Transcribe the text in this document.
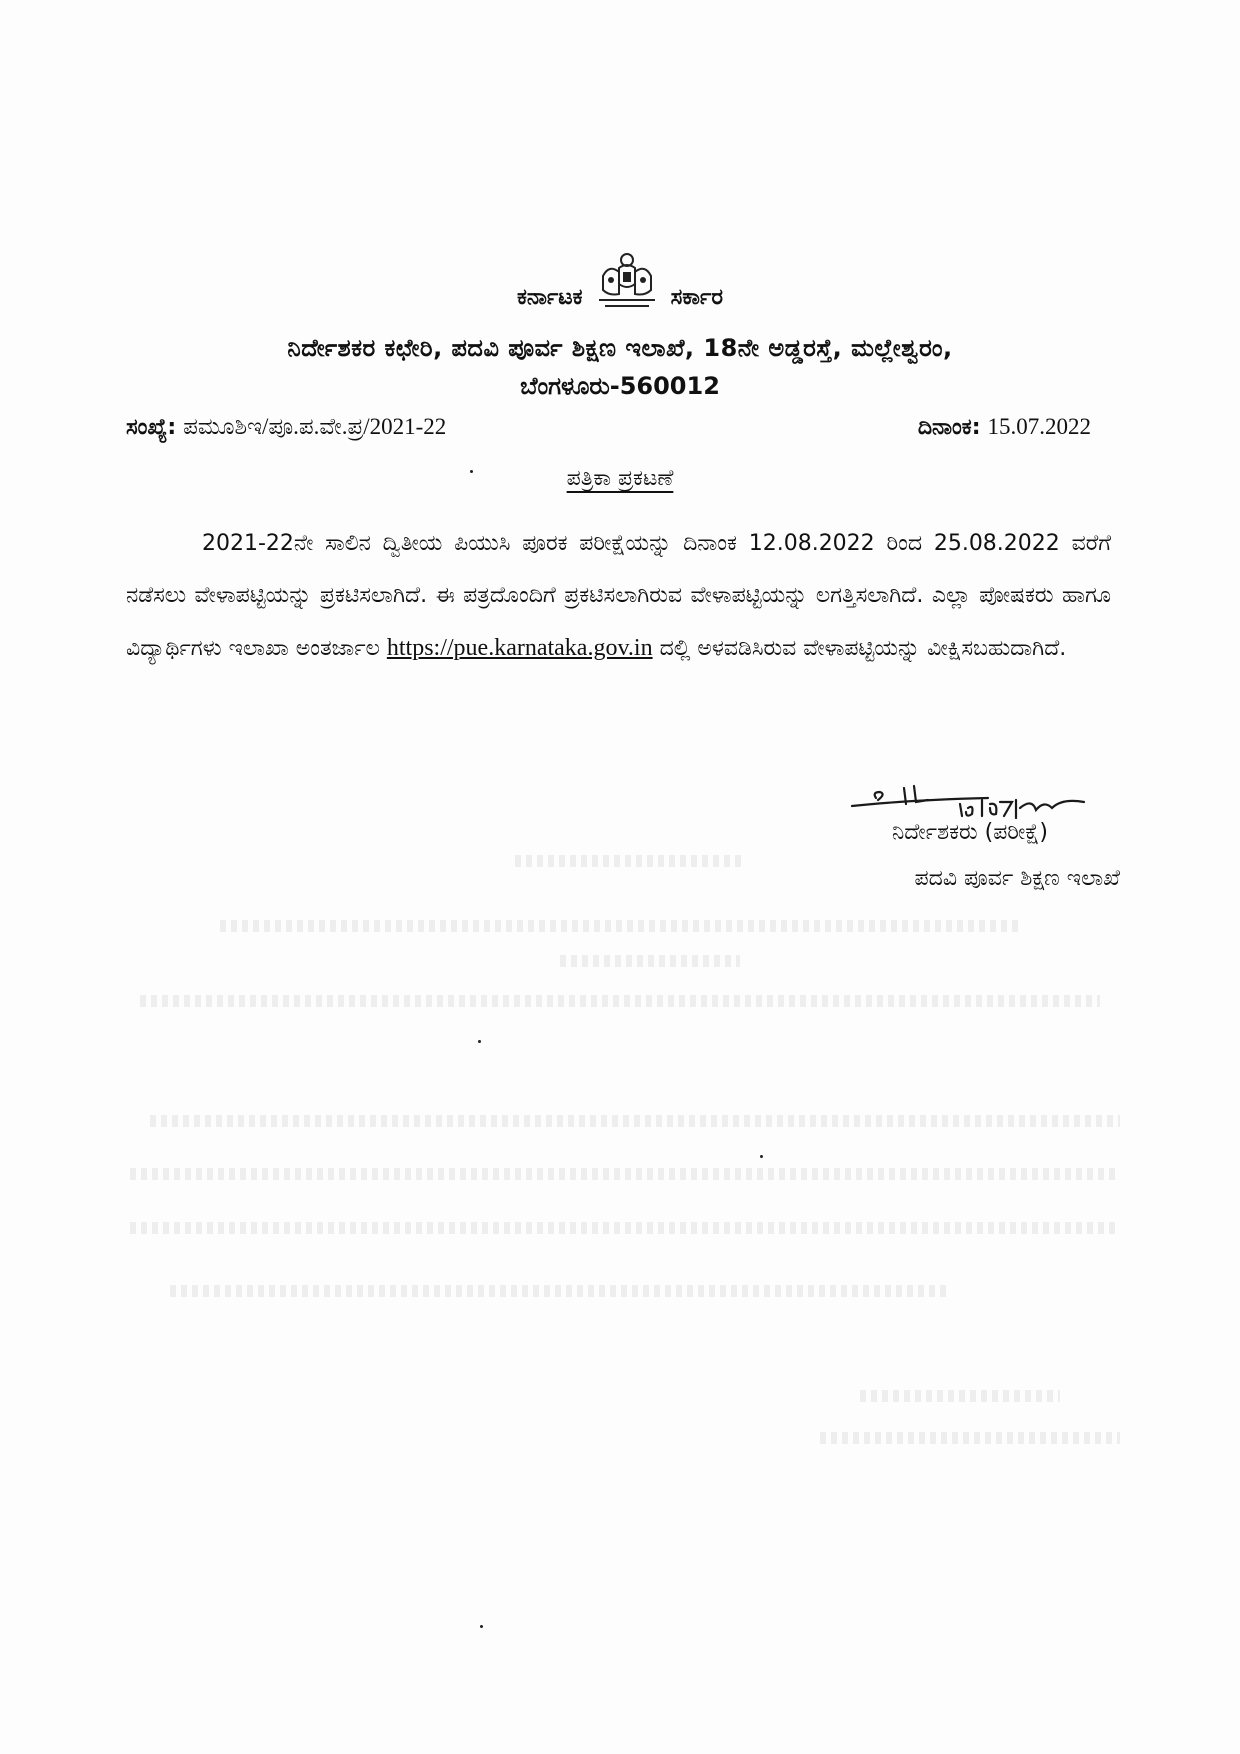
ಕರ್ನಾಟಕ	ಸರ್ಕಾರ
ನಿರ್ದೇಶಕರ ಕಛೇರಿ, ಪದವಿ ಪೂರ್ವ ಶಿಕ್ಷಣ ಇಲಾಖೆ, 18ನೇ ಅಡ್ಡರಸ್ತೆ, ಮಲ್ಲೇಶ್ವರಂ,
ಬೆಂಗಳೂರು-560012
ಸಂಖ್ಯೆ: ಪಮೂಶಿಇ/ಪೂ.ಪ.ವೇ.ಪ್ರ/2021-22	ದಿನಾಂಕ: 15.07.2022
ಪತ್ರಿಕಾ ಪ್ರಕಟಣೆ
2021-22ನೇ ಸಾಲಿನ ದ್ವಿತೀಯ ಪಿಯುಸಿ ಪೂರಕ ಪರೀಕ್ಷೆಯನ್ನು ದಿನಾಂಕ 12.08.2022 ರಿಂದ 25.08.2022 ವರೆಗೆ ನಡೆಸಲು ವೇಳಾಪಟ್ಟಿಯನ್ನು ಪ್ರಕಟಿಸಲಾಗಿದೆ. ಈ ಪತ್ರದೊಂದಿಗೆ ಪ್ರಕಟಿಸಲಾಗಿರುವ ವೇಳಾಪಟ್ಟಿಯನ್ನು ಲಗತ್ತಿಸಲಾಗಿದೆ. ಎಲ್ಲಾ ಪೋಷಕರು ಹಾಗೂ ವಿದ್ಯಾರ್ಥಿಗಳು ಇಲಾಖಾ ಅಂತರ್ಜಾಲ https://pue.karnataka.gov.in ದಲ್ಲಿ ಅಳವಡಿಸಿರುವ ವೇಳಾಪಟ್ಟಿಯನ್ನು ವೀಕ್ಷಿಸಬಹುದಾಗಿದೆ.
ನಿರ್ದೇಶಕರು (ಪರೀಕ್ಷೆ)
ಪದವಿ ಪೂರ್ವ ಶಿಕ್ಷಣ ಇಲಾಖೆ
